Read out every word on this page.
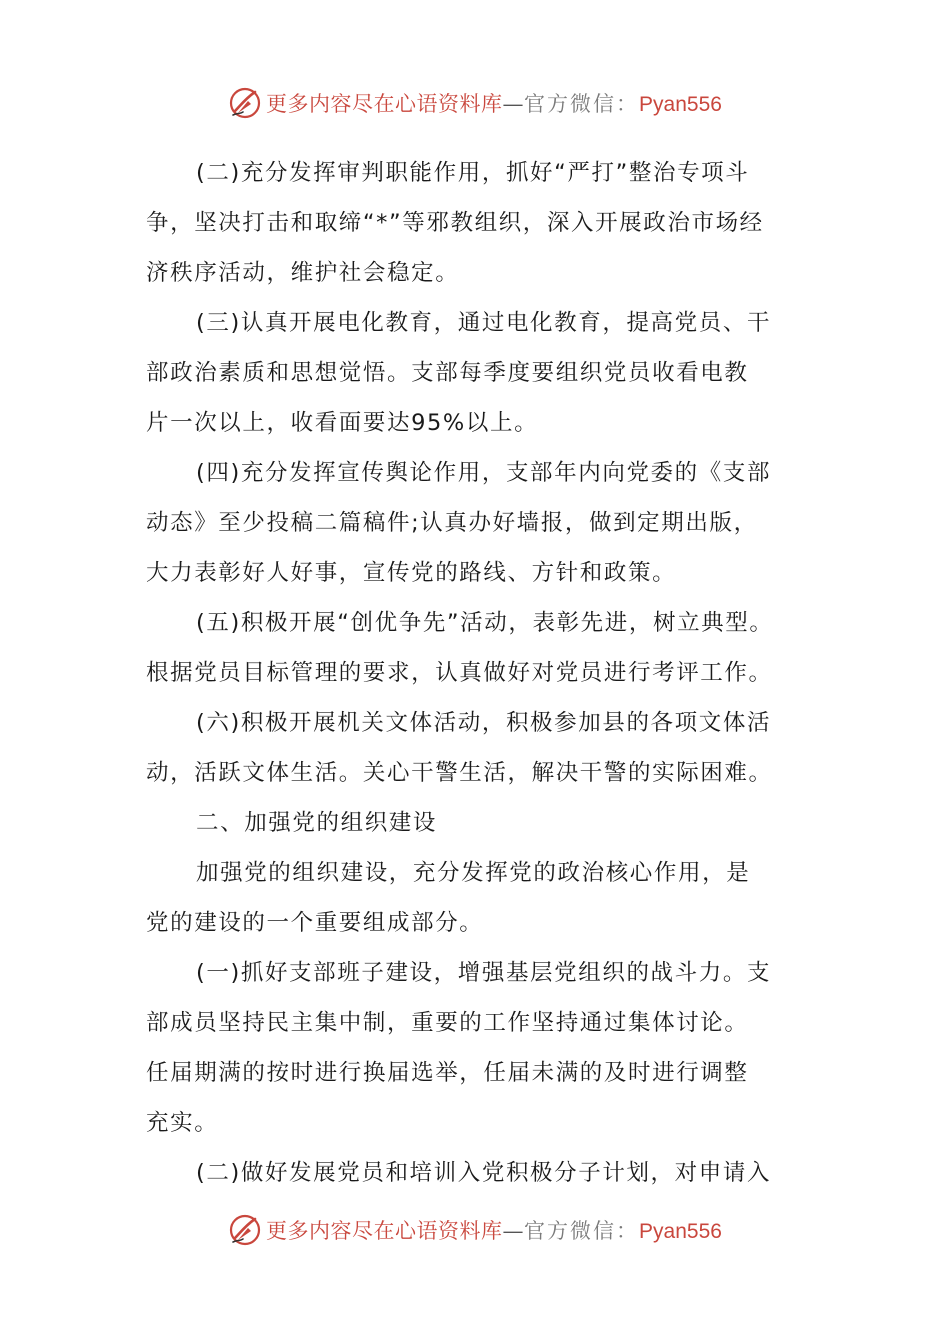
更多内容尽在心语资料库—官方微信：Pyan556
(二)充分发挥审判职能作用，抓好“严打”整治专项斗
争，坚决打击和取缔“*”等邪教组织，深入开展政治市场经
济秩序活动，维护社会稳定。
(三)认真开展电化教育，通过电化教育，提高党员、干
部政治素质和思想觉悟。支部每季度要组织党员收看电教
片一次以上，收看面要达95%以上。
(四)充分发挥宣传舆论作用，支部年内向党委的《支部
动态》至少投稿二篇稿件;认真办好墙报，做到定期出版，
大力表彰好人好事，宣传党的路线、方针和政策。
(五)积极开展“创优争先”活动，表彰先进，树立典型。
根据党员目标管理的要求，认真做好对党员进行考评工作。
(六)积极开展机关文体活动，积极参加县的各项文体活
动，活跃文体生活。关心干警生活，解决干警的实际困难。
二、加强党的组织建设
加强党的组织建设，充分发挥党的政治核心作用，是
党的建设的一个重要组成部分。
(一)抓好支部班子建设，增强基层党组织的战斗力。支
部成员坚持民主集中制，重要的工作坚持通过集体讨论。
任届期满的按时进行换届选举，任届未满的及时进行调整
充实。
(二)做好发展党员和培训入党积极分子计划，对申请入
更多内容尽在心语资料库—官方微信：Pyan556
